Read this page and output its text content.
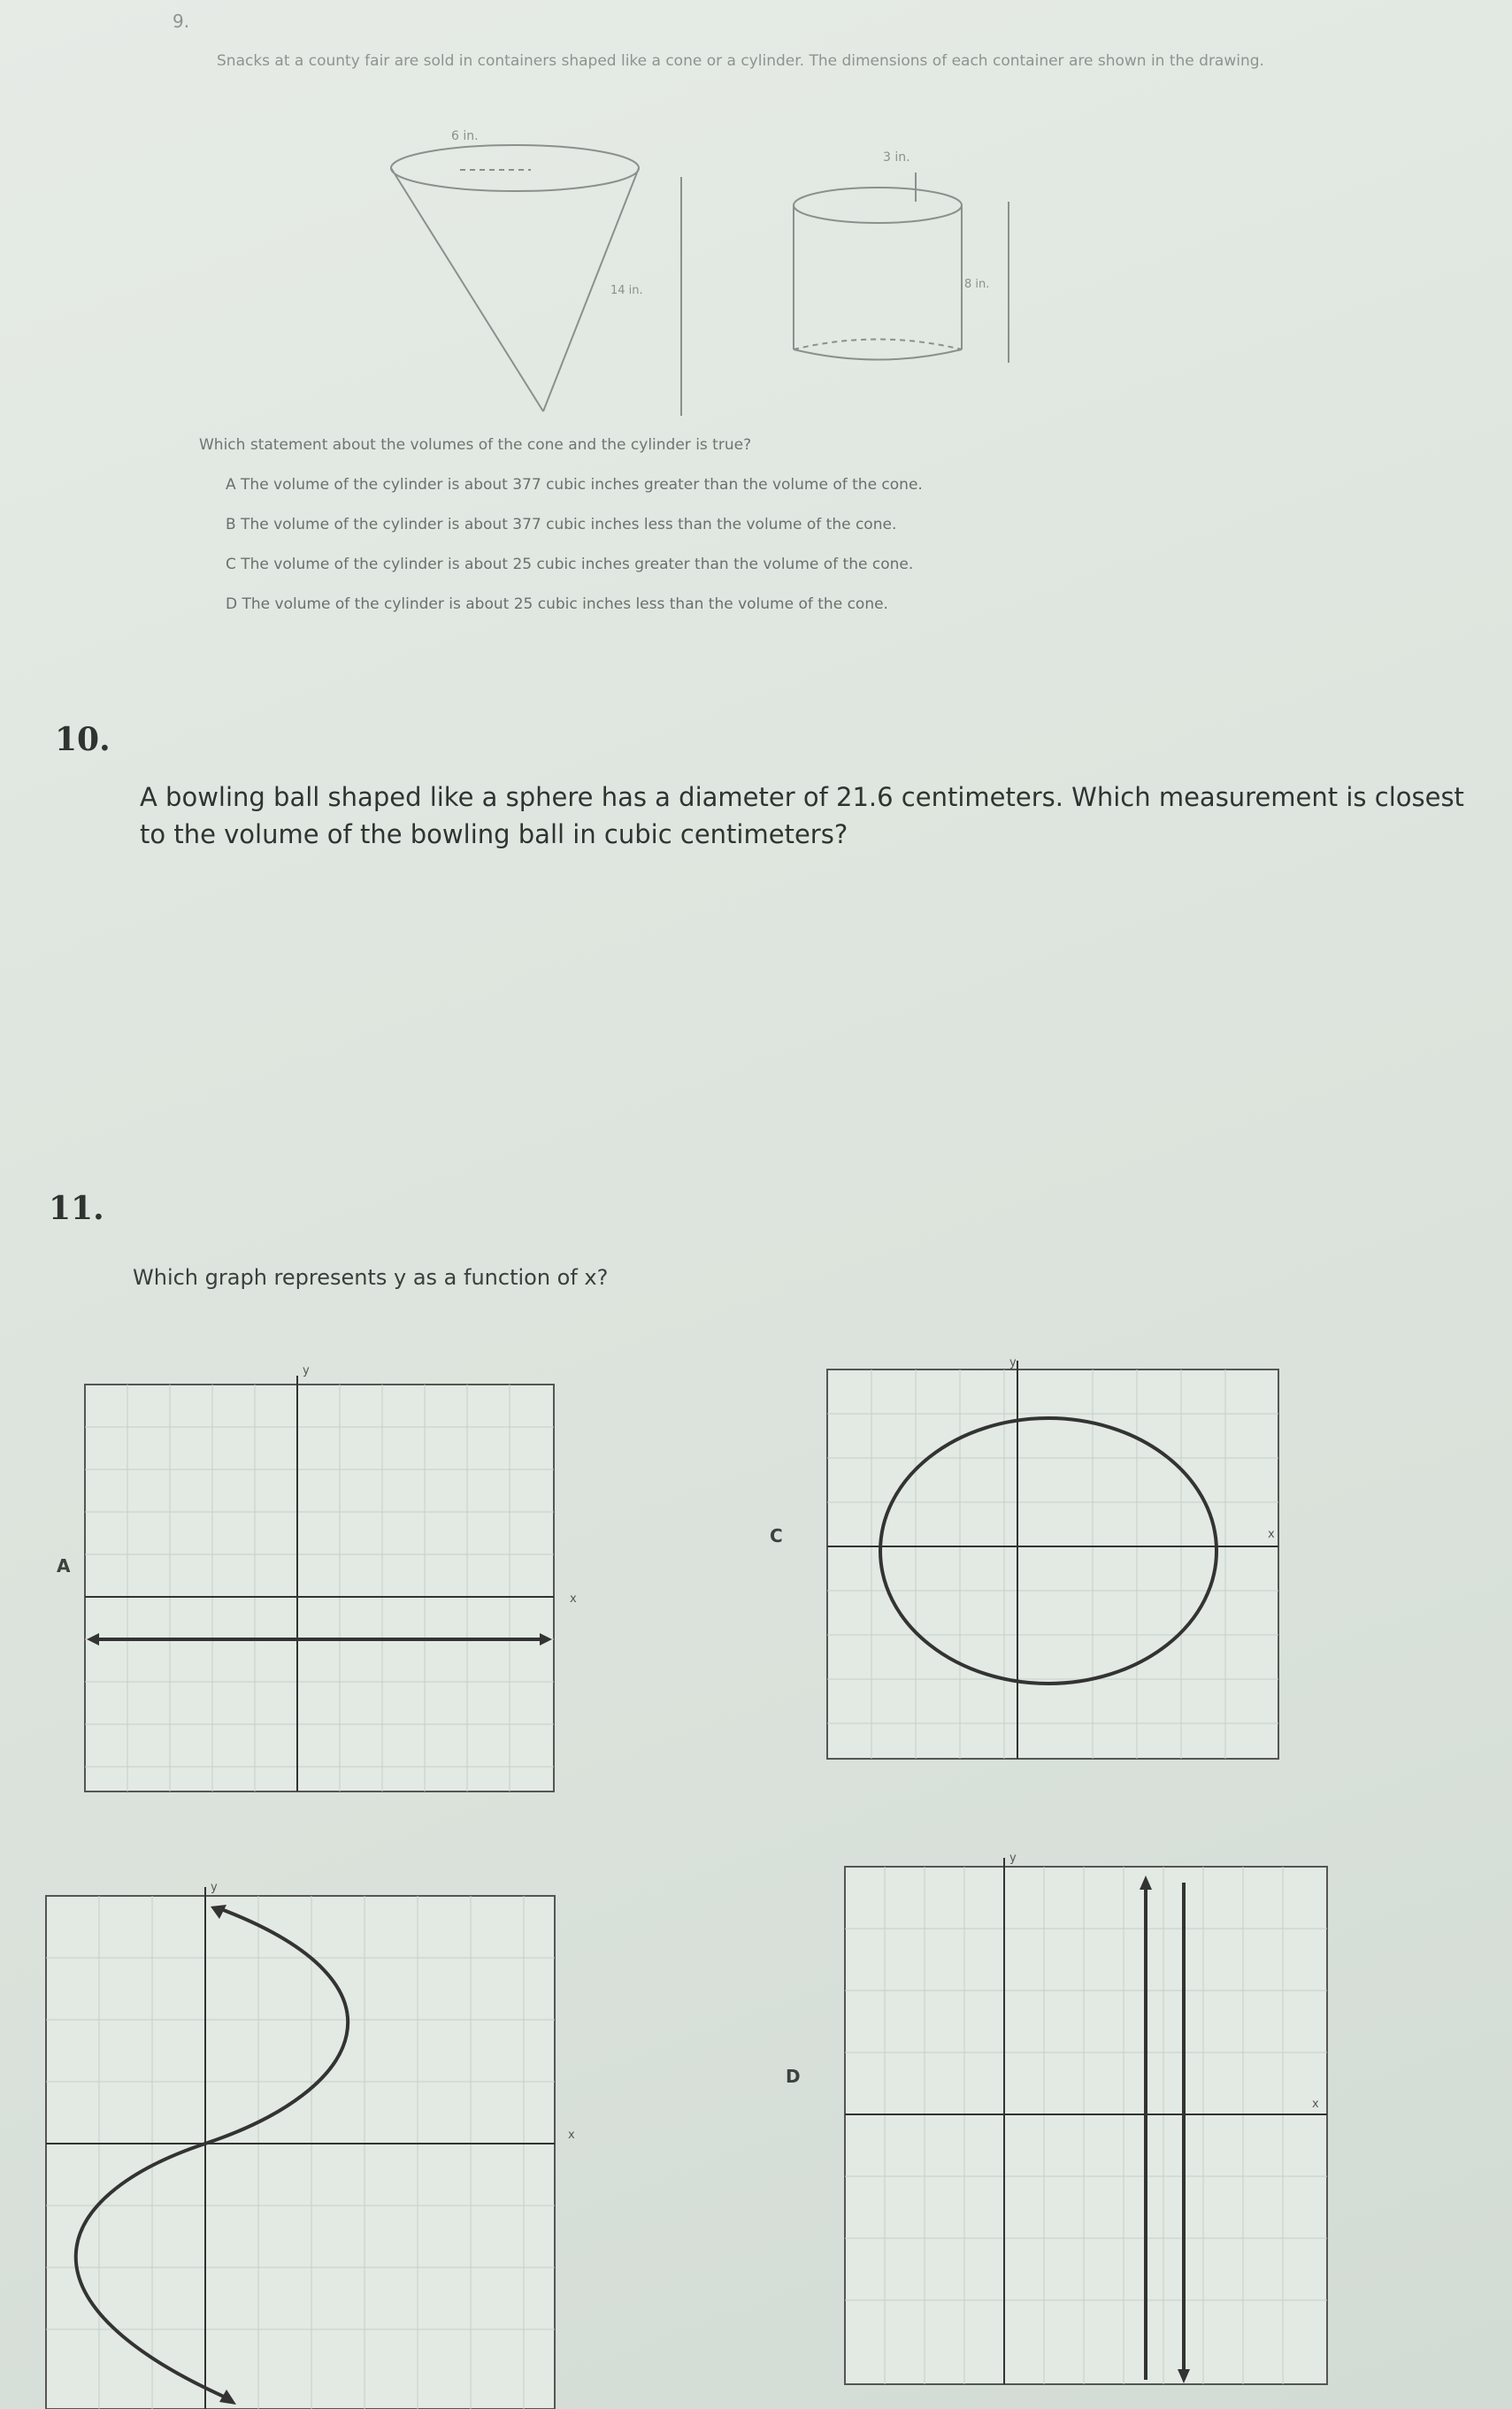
9.
Snacks at a county fair are sold in containers shaped like a cone or a cylinder. The dimensions of each container are shown in the drawing.
6 in.
14 in.
3 in.
8 in.
Which statement about the volumes of the cone and the cylinder is true?
A The volume of the cylinder is about 377 cubic inches greater than the volume of the cone.
B The volume of the cylinder is about 377 cubic inches less than the volume of the cone.
C The volume of the cylinder is about 25 cubic inches greater than the volume of the cone.
D The volume of the cylinder is about 25 cubic inches less than the volume of the cone.
10.
A bowling ball shaped like a sphere has a diameter of 21.6 centimeters. Which measurement is closest to the volume of the bowling ball in cubic centimeters?
11.
Which graph represents y as a function of x?
A
C
D
x
y
x
y
x
y
x
y
